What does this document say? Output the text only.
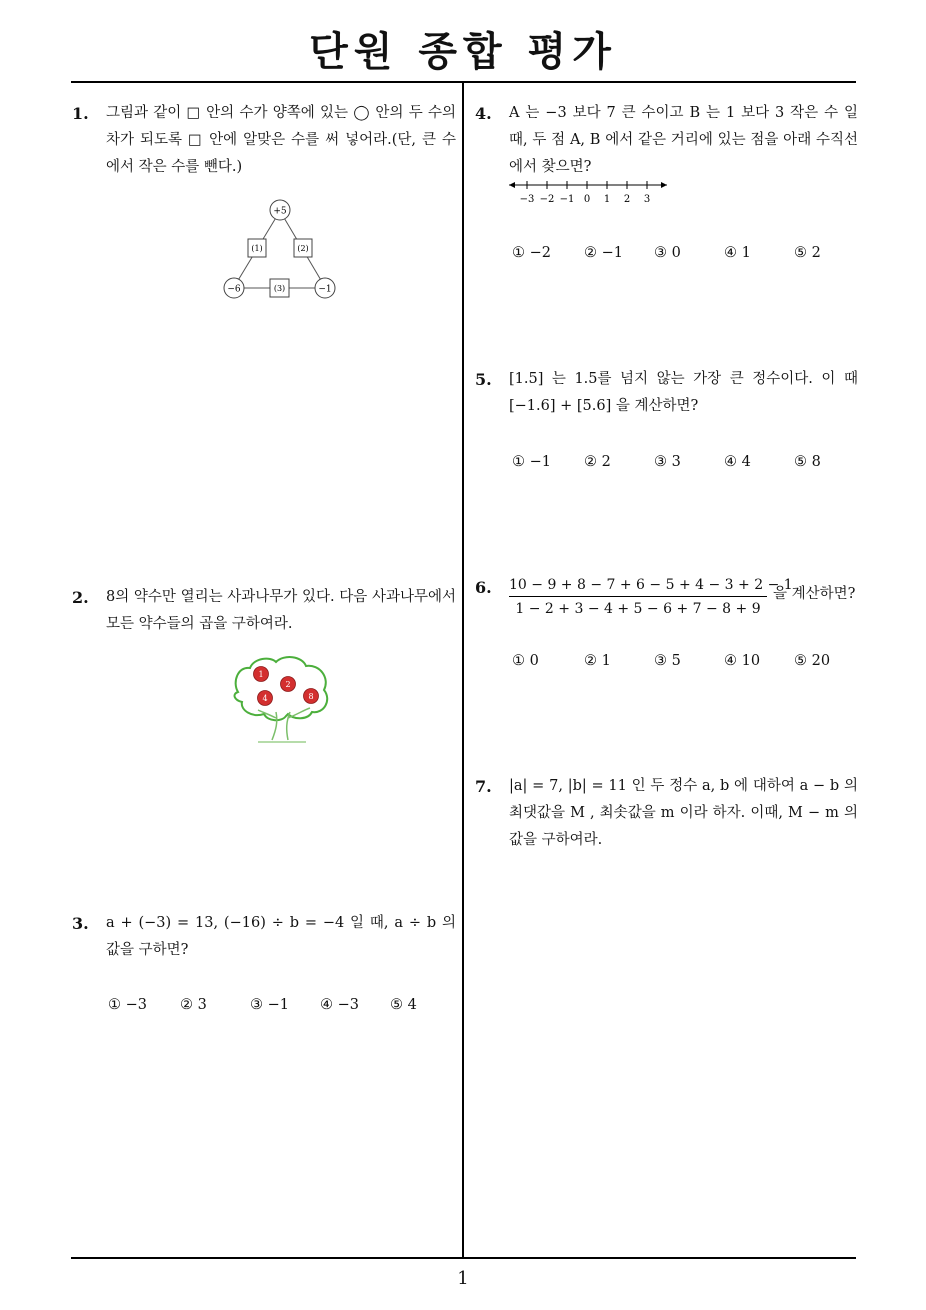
단원 종합 평가
1. 그림과 같이 □ 안의 수가 양쪽에 있는 ◯ 안의 두 수의 차가 되도록 □ 안에 알맞은 수를 써 넣어라.(단, 큰 수에서 작은 수를 뺀다.)
+5
−6	−1
(1)	(2)
(3)
2. 8의 약수만 열리는 사과나무가 있다. 다음 사과나무에서 모든 약수들의 곱을 구하여라.
1
2
4	8
3. a + (−3) = 13, (−16) ÷ b = −4 일 때, a ÷ b 의 값을 구하면?
① −3 ② 3	③ −1 ④ −3 ⑤ 4
4. A 는 −3 보다 7 큰 수이고 B 는 1 보다 3 작은 수 일 때, 두 점 A, B 에서 같은 거리에 있는 점을 아래 수직선에서 찾으면?
−3 −2 −1 0 1 2 3
① −2 ② −1 ③ 0	④ 1	⑤ 2
5. [1.5] 는 1.5를 넘지 않는 가장 큰 정수이다. 이 때 [−1.6] + [5.6] 을 계산하면?
① −1 ② 2	③ 3	④ 4	⑤ 8
6. 10 − 9 + 8 − 7 + 6 − 5 + 4 − 3 + 2 − 1
1 − 2 + 3 − 4 + 5 − 6 + 7 − 8 + 9
을 계산하면?
① 0	② 1	③ 5	④ 10 ⑤ 20
7. |a| = 7, |b| = 11 인 두 정수 a, b 에 대하여 a − b 의 최댓값을 M , 최솟값을 m 이라 하자. 이때, M − m 의 값을 구하여라.
1
